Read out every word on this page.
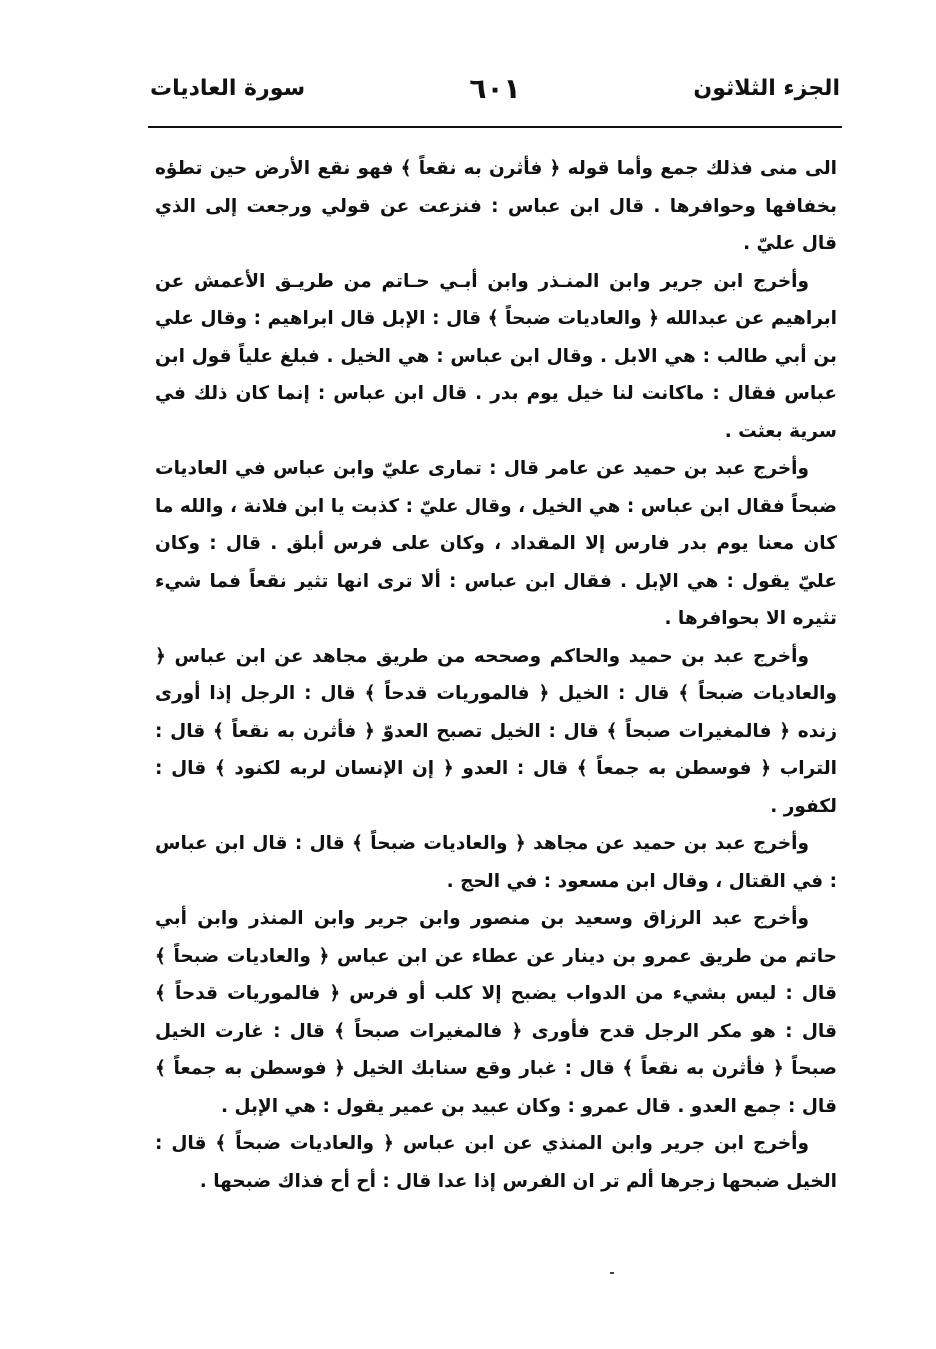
الجزء الثلاثون
٦٠١
سورة العاديات

الى منى فذلك جمع وأما قوله ﴿ فأثرن به نقعاً ﴾ فهو نقع الأرض حين تطؤه بخفافها وحوافرها . قال ابن عباس : فنزعت عن قولي ورجعت إلى الذي قال عليّ .

وأخرج ابن جرير وابن المنـذر وابن أبـي حـاتم من طريـق الأعمش عن ابراهيم عن عبدالله ﴿ والعاديات ضبحاً ﴾ قال : الإبل قال ابراهيم : وقال علي بن أبي طالب : هي الابل . وقال ابن عباس : هي الخيل . فبلغ علياً قول ابن عباس فقال : ماكانت لنا خيل يوم بدر . قال ابن عباس : إنما كان ذلك في سرية بعثت .

وأخرج عبد بن حميد عن عامر قال : تمارى عليّ وابن عباس في العاديات ضبحاً فقال ابن عباس : هي الخيل ، وقال عليّ : كذبت يا ابن فلانة ، والله ما كان معنا يوم بدر فارس إلا المقداد ، وكان على فرس أبلق . قال : وكان عليّ يقول : هي الإبل . فقال ابن عباس : ألا ترى انها تثير نقعاً فما شيء تثيره الا بحوافرها .

وأخرج عبد بن حميد والحاكم وصححه من طريق مجاهد عن ابن عباس ﴿ والعاديات ضبحاً ﴾ قال : الخيل ﴿ فالموريات قدحاً ﴾ قال : الرجل إذا أورى زنده ﴿ فالمغيرات صبحاً ﴾ قال : الخيل تصبح العدوّ ﴿ فأثرن به نقعاً ﴾ قال : التراب ﴿ فوسطن به جمعاً ﴾ قال : العدو ﴿ إن الإنسان لربه لكنود ﴾ قال : لكفور .

وأخرج عبد بن حميد عن مجاهد ﴿ والعاديات ضبحاً ﴾ قال : قال ابن عباس : في القتال ، وقال ابن مسعود : في الحج .

وأخرج عبد الرزاق وسعيد بن منصور وابن جرير وابن المنذر وابن أبي حاتم من طريق عمرو بن دينار عن عطاء عن ابن عباس ﴿ والعاديات ضبحاً ﴾ قال : ليس بشيء من الدواب يضبح إلا كلب أو فرس ﴿ فالموريات قدحاً ﴾ قال : هو مكر الرجل قدح فأورى ﴿ فالمغيرات صبحاً ﴾ قال : غارت الخيل صبحاً ﴿ فأثرن به نقعاً ﴾ قال : غبار وقع سنابك الخيل ﴿ فوسطن به جمعاً ﴾ قال : جمع العدو . قال عمرو : وكان عبيد بن عمير يقول : هي الإبل .

وأخرج ابن جرير وابن المنذي عن ابن عباس ﴿ والعاديات ضبحاً ﴾ قال : الخيل ضبحها زجرها ألم تر ان الفرس إذا عدا قال : أح أح فذاك ضبحها .
